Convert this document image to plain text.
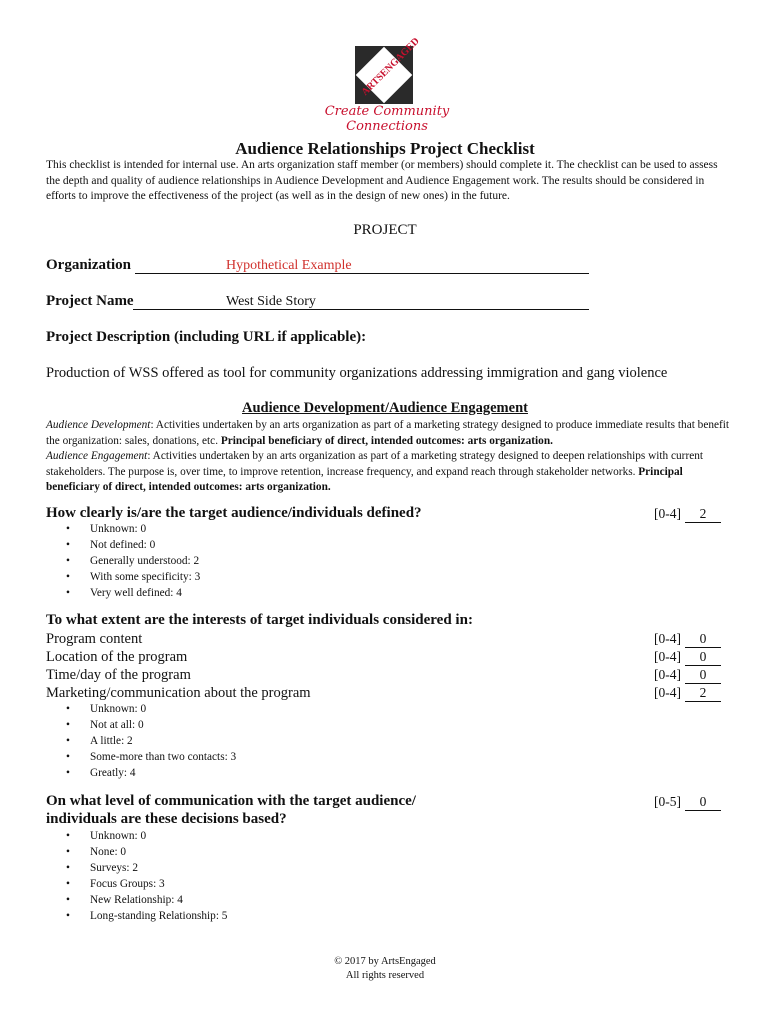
ARTSENGAGED
Create Community Connections
Audience Relationships Project Checklist
This checklist is intended for internal use. An arts organization staff member (or members) should complete it. The checklist can be used to assess the depth and quality of audience relationships in Audience Development and Audience Engagement work. The results should be considered in efforts to improve the effectiveness of the project (as well as in the design of new ones) in the future.
PROJECT
Organization	Hypothetical Example
Project Name	West Side Story
Project Description (including URL if applicable):
Production of WSS offered as tool for community organizations addressing immigration and gang violence
Audience Development/Audience Engagement
Audience Development: Activities undertaken by an arts organization as part of a marketing strategy designed to produce immediate results that benefit the organization: sales, donations, etc. Principal beneficiary of direct, intended outcomes: arts organization.
Audience Engagement: Activities undertaken by an arts organization as part of a marketing strategy designed to deepen relationships with current stakeholders. The purpose is, over time, to improve retention, increase frequency, and expand reach through stakeholder networks. Principal beneficiary of direct, intended outcomes: arts organization.
How clearly is/are the target audience/individuals defined?	[0-4] 2
• Unknown: 0
• Not defined: 0
• Generally understood: 2
• With some specificity: 3
• Very well defined: 4
To what extent are the interests of target individuals considered in:
Program content	[0-4] 0
Location of the program	[0-4] 0
Time/day of the program	[0-4] 0
Marketing/communication about the program	[0-4] 2
• Unknown: 0
• Not at all: 0
• A little: 2
• Some-more than two contacts: 3
• Greatly: 4
On what level of communication with the target audience/
individuals are these decisions based?
[0-5] 0
• Unknown: 0
• None: 0
• Surveys: 2
• Focus Groups: 3
• New Relationship: 4
• Long-standing Relationship: 5
© 2017 by ArtsEngaged
All rights reserved
